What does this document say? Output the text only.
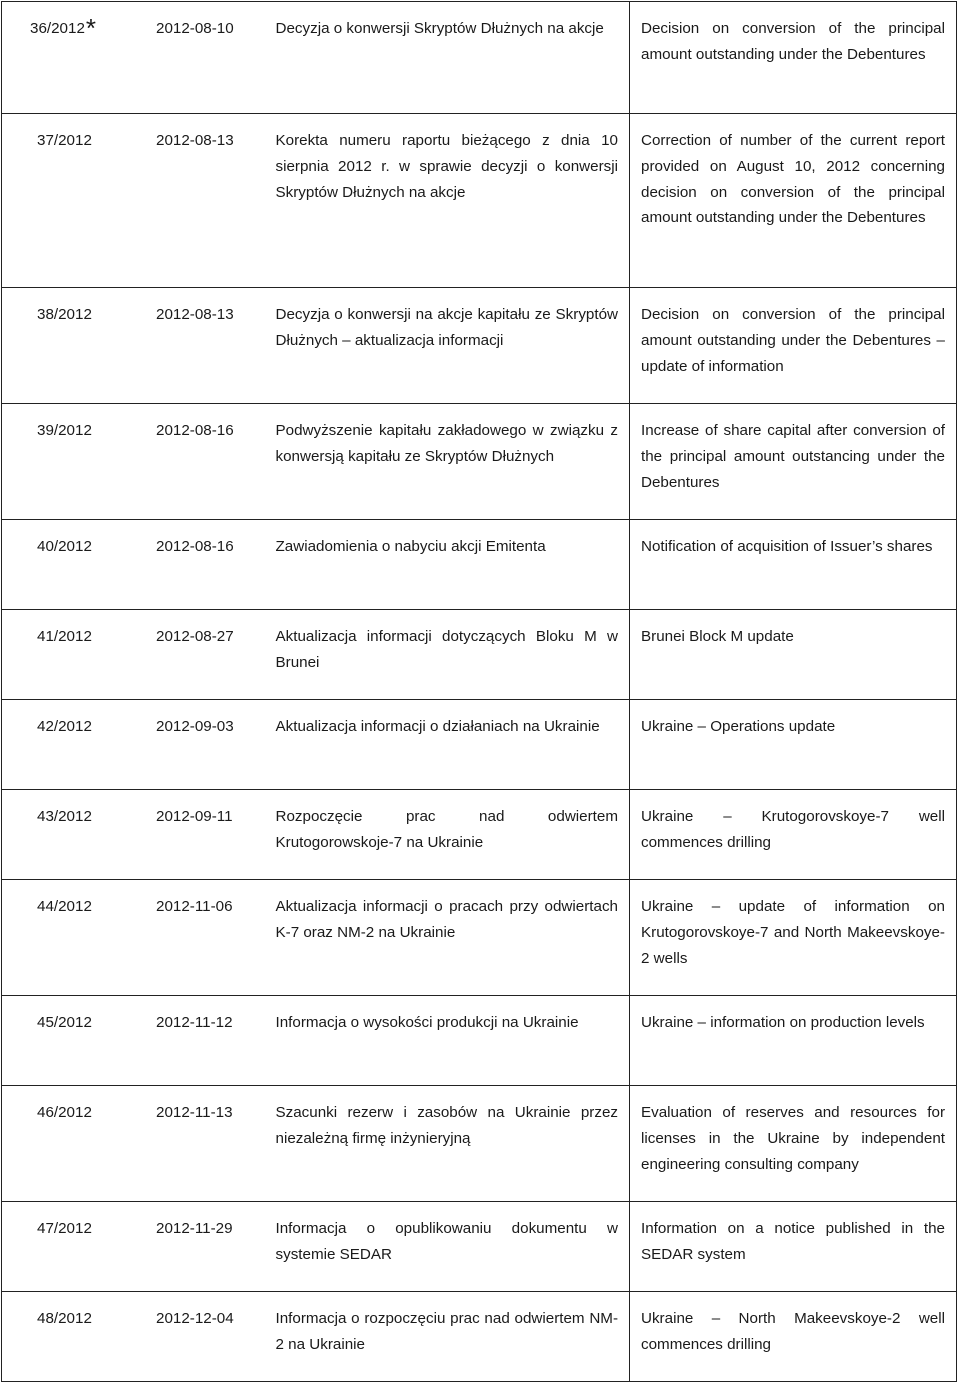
36/2012* 2012-08-10	Decyzja o konwersji Skryptów Dłużnych na akcje	Decision on conversion of the principal amount outstanding under the Debentures

37/2012 2012-08-13	Korekta numeru raportu bieżącego z dnia 10 sierpnia 2012 r. w sprawie decyzji o konwersji Skryptów Dłużnych na akcje	Correction of number of the current report provided on August 10, 2012 concerning decision on conversion of the principal amount outstanding under the Debentures

38/2012 2012-08-13	Decyzja o konwersji na akcje kapitału ze Skryptów Dłużnych – aktualizacja informacji	Decision on conversion of the principal amount outstanding under the Debentures – update of information

39/2012 2012-08-16	Podwyższenie kapitału zakładowego w związku z konwersją kapitału ze Skryptów Dłużnych	Increase of share capital after conversion of the principal amount outstancing under the Debentures

40/2012 2012-08-16	Zawiadomienia o nabyciu akcji Emitenta	Notification of acquisition of Issuer’s shares

41/2012 2012-08-27	Aktualizacja informacji dotyczących Bloku M w Brunei	Brunei Block M update

42/2012 2012-09-03	Aktualizacja informacji o działaniach na Ukrainie	Ukraine – Operations update

43/2012 2012-09-11	Rozpoczęcie prac nad odwiertem Krutogorowskoje-7 na Ukrainie	Ukraine – Krutogorovskoye-7 well commences drilling

44/2012 2012-11-06	Aktualizacja informacji o pracach przy odwiertach K-7 oraz NM-2 na Ukrainie	Ukraine – update of information on Krutogorovskoye-7 and North Makeevskoye-2 wells

45/2012 2012-11-12	Informacja o wysokości produkcji na Ukrainie	Ukraine – information on production levels

46/2012 2012-11-13	Szacunki rezerw i zasobów na Ukrainie przez niezależną firmę inżynieryjną	Evaluation of reserves and resources for licenses in the Ukraine by independent engineering consulting company

47/2012 2012-11-29	Informacja o opublikowaniu dokumentu w systemie SEDAR	Information on a notice published in the SEDAR system

48/2012 2012-12-04	Informacja o rozpoczęciu prac nad odwiertem NM-2 na Ukrainie	Ukraine – North Makeevskoye-2 well commences drilling
